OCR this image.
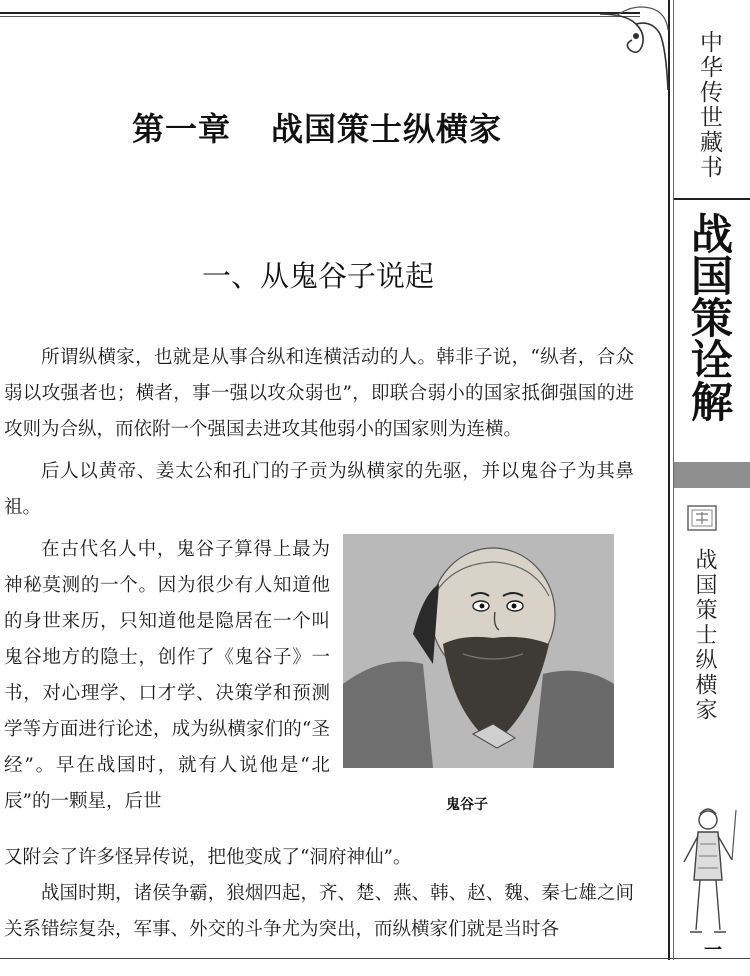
中华传世藏书
战国策诠解
战国策士纵横家
一
第一章 战国策士纵横家
一、从鬼谷子说起

所谓纵横家，也就是从事合纵和连横活动的人。韩非子说，“纵者，合众弱以攻强者也；横者，事一强以攻众弱也”，即联合弱小的国家抵御强国的进攻则为合纵，而依附一个强国去进攻其他弱小的国家则为连横。

后人以黄帝、姜太公和孔门的子贡为纵横家的先驱，并以鬼谷子为其鼻祖。

在古代名人中，鬼谷子算得上最为神秘莫测的一个。因为很少有人知道他的身世来历，只知道他是隐居在一个叫鬼谷地方的隐士，创作了《鬼谷子》一书，对心理学、口才学、决策学和预测学等方面进行论述，成为纵横家们的“圣经”。早在战国时，就有人说他是“北辰”的一颗星，后世

又附会了许多怪异传说，把他变成了“洞府神仙”。

战国时期，诸侯争霸，狼烟四起，齐、楚、燕、韩、赵、魏、秦七雄之间关系错综复杂，军事、外交的斗争尤为突出，而纵横家们就是当时各

鬼谷子
